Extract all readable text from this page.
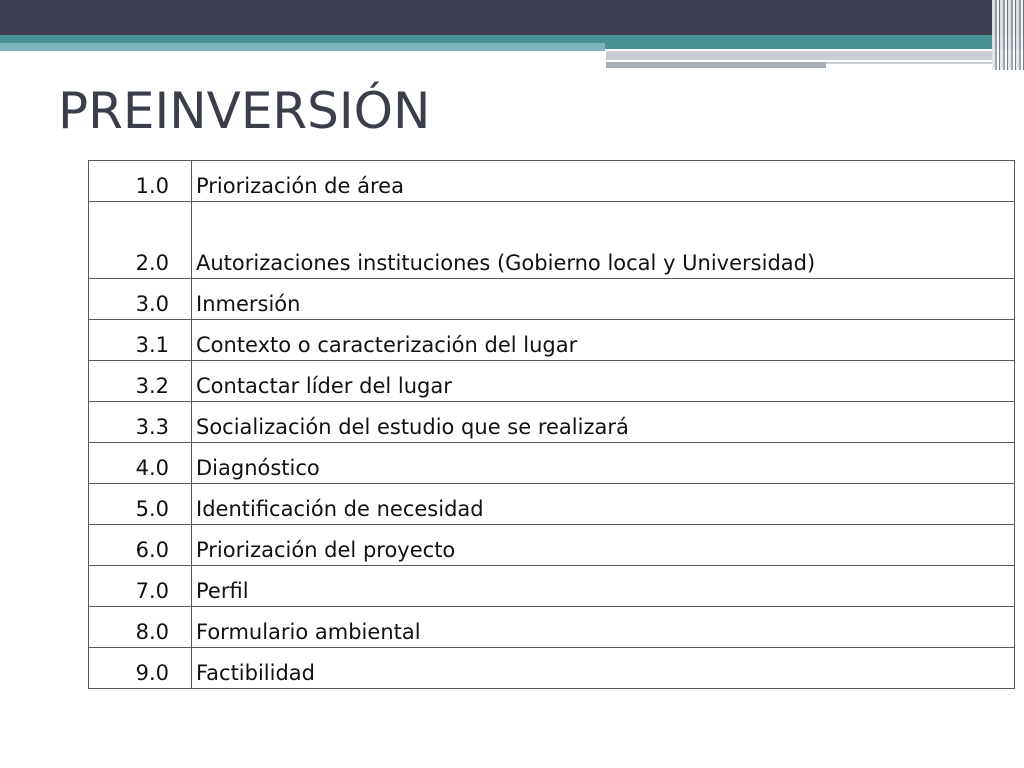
PREINVERSIÓN
1.0	Priorización de área
2.0	Autorizaciones instituciones (Gobierno local y Universidad)
3.0	Inmersión
3.1	Contexto o caracterización del lugar
3.2	Contactar líder del lugar
3.3	Socialización del estudio que se realizará
4.0	Diagnóstico
5.0	Identificación de necesidad
6.0	Priorización del proyecto
7.0	Perfil
8.0	Formulario ambiental
9.0	Factibilidad
